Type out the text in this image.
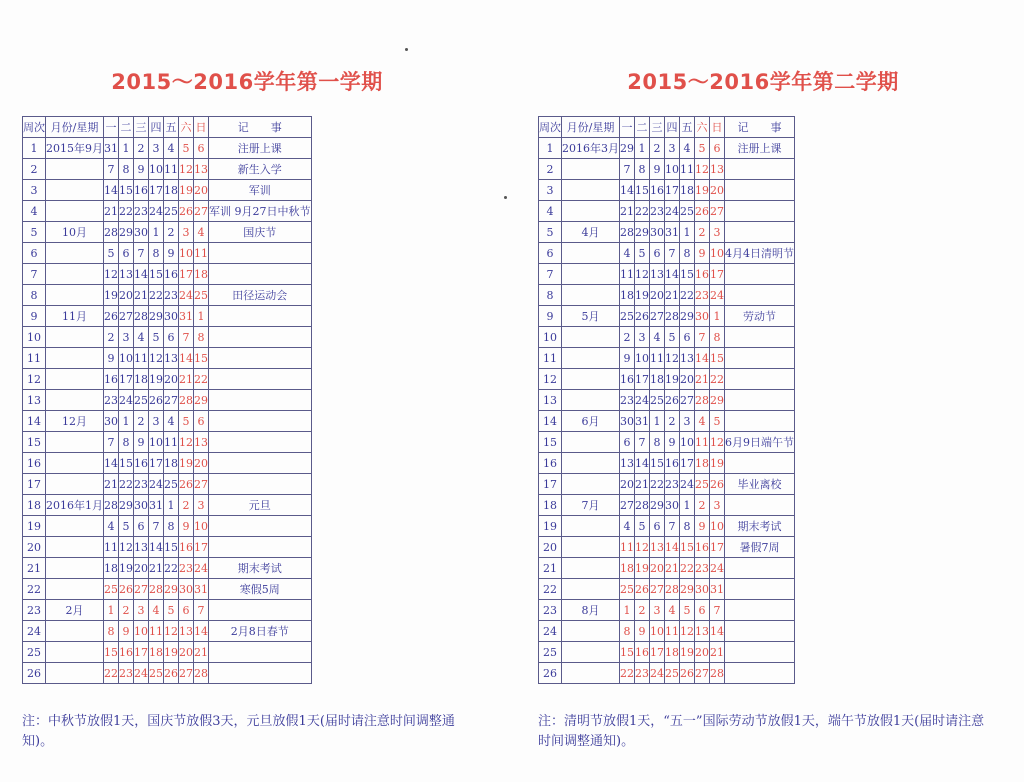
2015～2016学年第一学期
周次	月份/星期	一	二	三	四	五	六	日	记　　事
1	2015年9月	31	1	2	3	4	5	6	注册上课
2		7	8	9	10	11	12	13	新生入学
3		14	15	16	17	18	19	20	军训
4		21	22	23	24	25	26	27	军训 9月27日中秋节
5	10月	28	29	30	1	2	3	4	国庆节
6		5	6	7	8	9	10	11	
7		12	13	14	15	16	17	18	
8		19	20	21	22	23	24	25	田径运动会
9	11月	26	27	28	29	30	31	1	
10		2	3	4	5	6	7	8	
11		9	10	11	12	13	14	15	
12		16	17	18	19	20	21	22	
13		23	24	25	26	27	28	29	
14	12月	30	1	2	3	4	5	6	
15		7	8	9	10	11	12	13	
16		14	15	16	17	18	19	20	
17		21	22	23	24	25	26	27	
18	2016年1月	28	29	30	31	1	2	3	元旦
19		4	5	6	7	8	9	10	
20		11	12	13	14	15	16	17	
21		18	19	20	21	22	23	24	期末考试
22		25	26	27	28	29	30	31	寒假5周
23	2月	1	2	3	4	5	6	7	
24		8	9	10	11	12	13	14	2月8日春节
25		15	16	17	18	19	20	21	
26		22	23	24	25	26	27	28	
注：中秋节放假1天，国庆节放假3天，元旦放假1天(届时请注意时间调整通知)。
2015～2016学年第二学期
周次	月份/星期	一	二	三	四	五	六	日	记　　事
1	2016年3月	29	1	2	3	4	5	6	注册上课
2		7	8	9	10	11	12	13	
3		14	15	16	17	18	19	20	
4		21	22	23	24	25	26	27	
5	4月	28	29	30	31	1	2	3	
6		4	5	6	7	8	9	10	4月4日清明节
7		11	12	13	14	15	16	17	
8		18	19	20	21	22	23	24	
9	5月	25	26	27	28	29	30	1	劳动节
10		2	3	4	5	6	7	8	
11		9	10	11	12	13	14	15	
12		16	17	18	19	20	21	22	
13		23	24	25	26	27	28	29	
14	6月	30	31	1	2	3	4	5	
15		6	7	8	9	10	11	12	6月9日端午节
16		13	14	15	16	17	18	19	
17		20	21	22	23	24	25	26	毕业离校
18	7月	27	28	29	30	1	2	3	
19		4	5	6	7	8	9	10	期末考试
20		11	12	13	14	15	16	17	暑假7周
21		18	19	20	21	22	23	24	
22		25	26	27	28	29	30	31	
23	8月	1	2	3	4	5	6	7	
24		8	9	10	11	12	13	14	
25		15	16	17	18	19	20	21	
26		22	23	24	25	26	27	28	
注：清明节放假1天，“五一”国际劳动节放假1天，端午节放假1天(届时请注意时间调整通知)。
